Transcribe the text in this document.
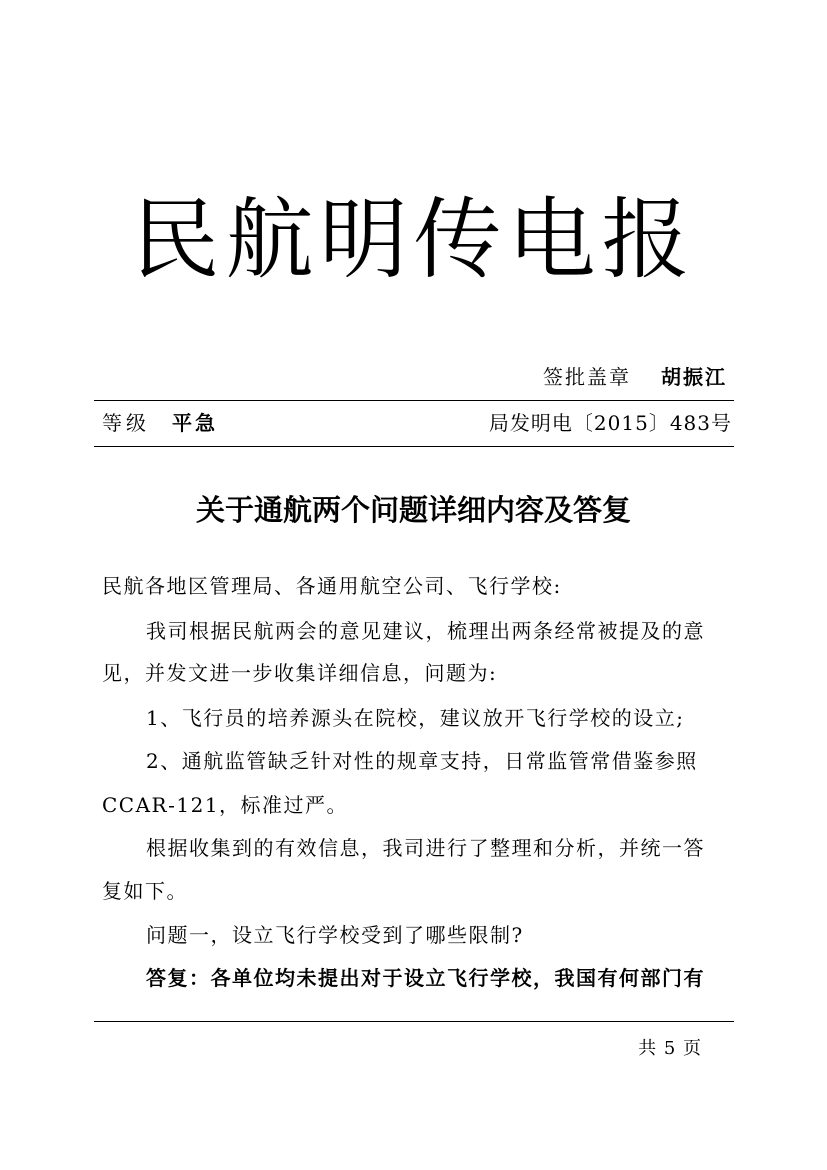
民航明传电报
签批盖章 胡振江
等级 平急	局发明电〔2015〕483号
关于通航两个问题详细内容及答复
民航各地区管理局、各通用航空公司、飞行学校:
我司根据民航两会的意见建议，梳理出两条经常被提及的意
见，并发文进一步收集详细信息，问题为:
1、飞行员的培养源头在院校，建议放开飞行学校的设立;
2、通航监管缺乏针对性的规章支持，日常监管常借鉴参照
CCAR-121，标准过严。
根据收集到的有效信息，我司进行了整理和分析，并统一答
复如下。
问题一，设立飞行学校受到了哪些限制?
答复：各单位均未提出对于设立飞行学校，我国有何部门有
共 5 页
